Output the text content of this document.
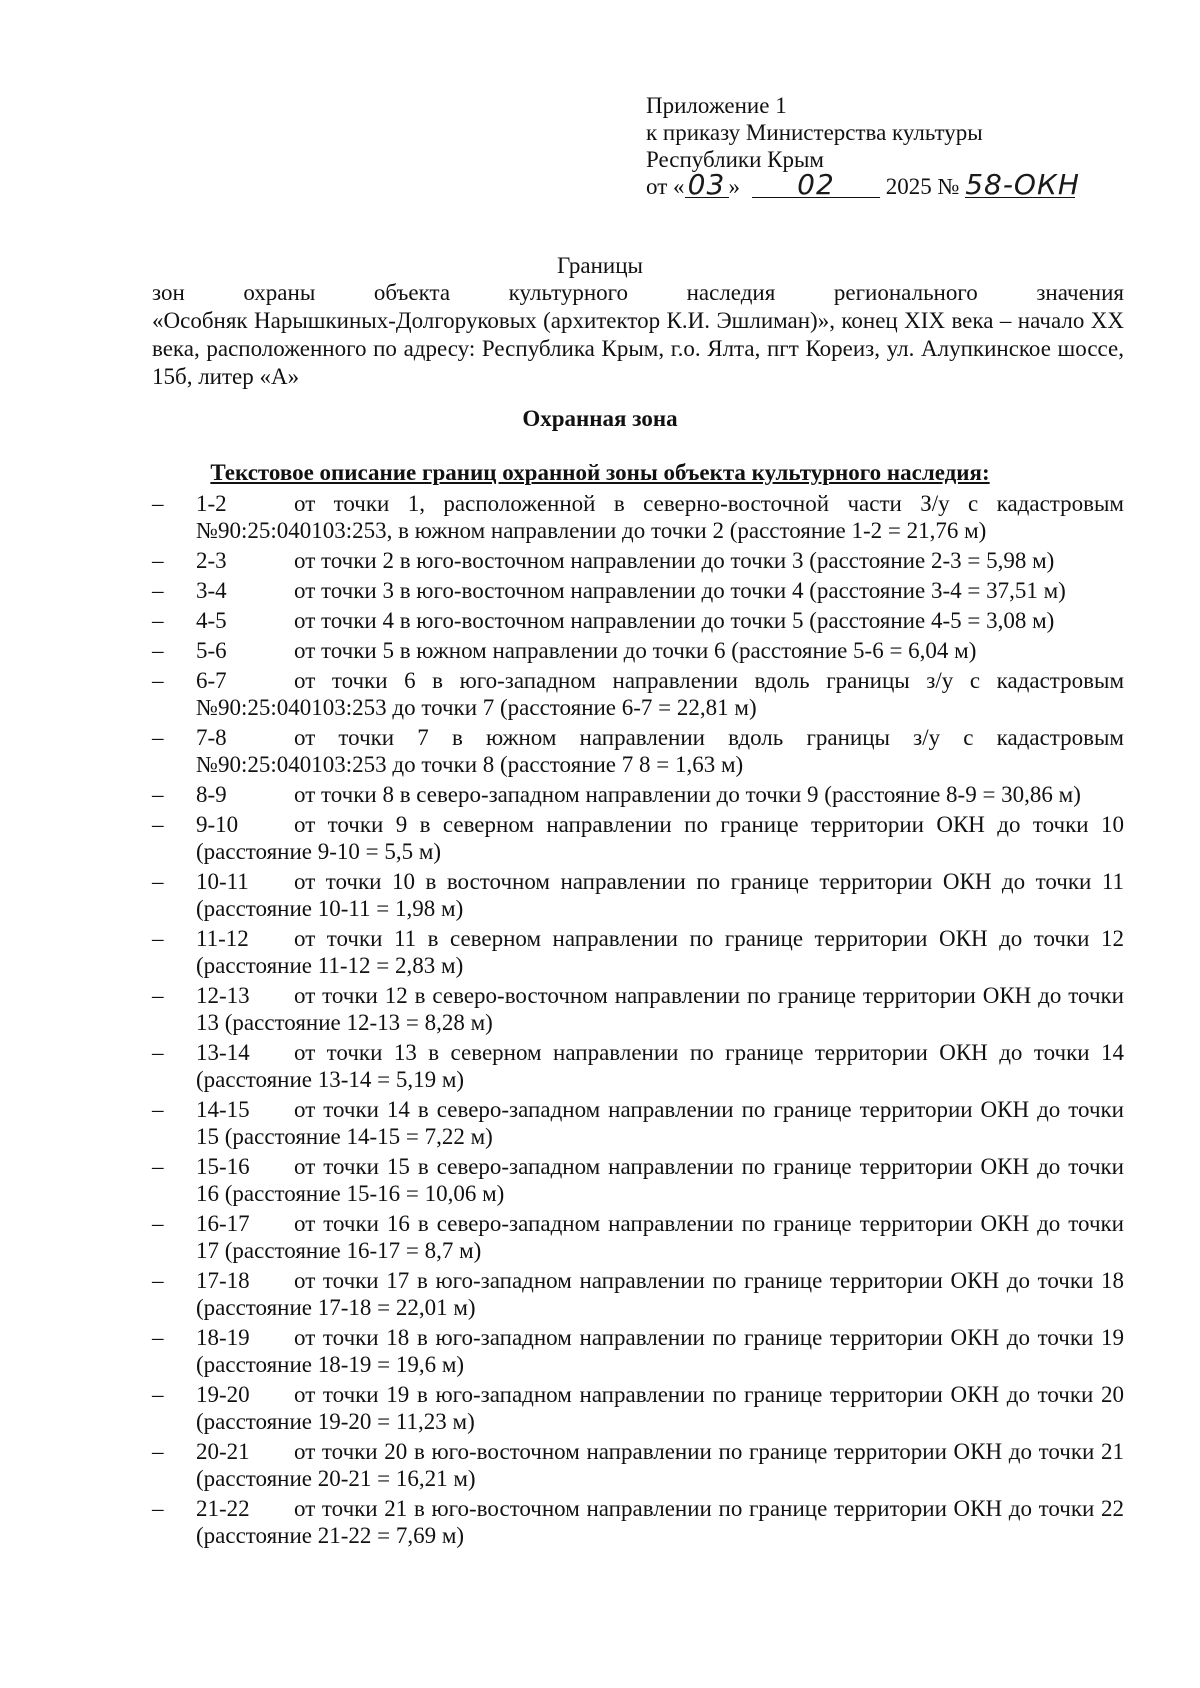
Приложение 1
к приказу Министерства культуры
Республики Крым
от « 03 » 02 2025 № 58-ОКН
Границы

зон охраны объекта культурного наследия регионального значения

«Особняк Нарышкиных-Долгоруковых (архитектор К.И. Эшлиман)», конец XIX века – начало XX века, расположенного по адресу: Республика Крым, г.о. Ялта, пгт Кореиз, ул. Алупкинское шоссе, 15б, литер «А»

Охранная зона
Текстовое описание границ охранной зоны объекта культурного наследия:
– 1-2	от точки 1, расположенной в северно-восточной части З/у с кадастровым №90:25:040103:253, в южном направлении до точки 2 (расстояние 1-2 = 21,76 м)
– 2-3	от точки 2 в юго-восточном направлении до точки 3 (расстояние 2-3 = 5,98 м)
– 3-4	от точки 3 в юго-восточном направлении до точки 4 (расстояние 3-4 = 37,51 м)
– 4-5	от точки 4 в юго-восточном направлении до точки 5 (расстояние 4-5 = 3,08 м)
– 5-6	от точки 5 в южном направлении до точки 6 (расстояние 5-6 = 6,04 м)
– 6-7	от точки 6 в юго-западном направлении вдоль границы з/у с кадастровым №90:25:040103:253 до точки 7 (расстояние 6-7 = 22,81 м)
– 7-8	от точки 7 в южном направлении вдоль границы з/у с кадастровым №90:25:040103:253 до точки 8 (расстояние 7 8 = 1,63 м)
– 8-9	от точки 8 в северо-западном направлении до точки 9 (расстояние 8-9 = 30,86 м)
– 9-10 от точки 9 в северном направлении по границе территории ОКН до точки 10 (расстояние 9-10 = 5,5 м)
– 10-11 от точки 10 в восточном направлении по границе территории ОКН до точки 11 (расстояние 10-11 = 1,98 м)
– 11-12 от точки 11 в северном направлении по границе территории ОКН до точки 12 (расстояние 11-12 = 2,83 м)
– 12-13 от точки 12 в северо-восточном направлении по границе территории ОКН до точки 13 (расстояние 12-13 = 8,28 м)
– 13-14 от точки 13 в северном направлении по границе территории ОКН до точки 14 (расстояние 13-14 = 5,19 м)
– 14-15 от точки 14 в северо-западном направлении по границе территории ОКН до точки 15 (расстояние 14-15 = 7,22 м)
– 15-16 от точки 15 в северо-западном направлении по границе территории ОКН до точки 16 (расстояние 15-16 = 10,06 м)
– 16-17 от точки 16 в северо-западном направлении по границе территории ОКН до точки 17 (расстояние 16-17 = 8,7 м)
– 17-18 от точки 17 в юго-западном направлении по границе территории ОКН до точки 18 (расстояние 17-18 = 22,01 м)
– 18-19 от точки 18 в юго-западном направлении по границе территории ОКН до точки 19 (расстояние 18-19 = 19,6 м)
– 19-20 от точки 19 в юго-западном направлении по границе территории ОКН до точки 20 (расстояние 19-20 = 11,23 м)
– 20-21 от точки 20 в юго-восточном направлении по границе территории ОКН до точки 21 (расстояние 20-21 = 16,21 м)
– 21-22 от точки 21 в юго-восточном направлении по границе территории ОКН до точки 22 (расстояние 21-22 = 7,69 м)
